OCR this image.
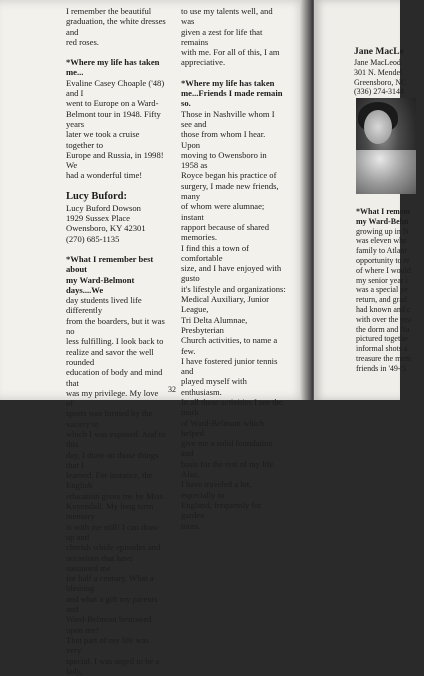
Jane MacLe
Jane MacLeod
301 N. Mendel
Greensboro, NC
(336) 274-3144

*What I remem

my Ward-Belm

growing up in N

was eleven whe

family to Atlant

opportunity to re

of where I would

my senior year i

was a special ye

return, and grad

had known and c

with over the yea

the dorm and Na

pictured togethe

informal shots a

treasure the mem

friends in '49-'5

I remember the beautiful

graduation, the white dresses and

red roses.

*Where my life has taken me...

Evaline Casey Choaple ('48) and I

went to Europe on a Ward-

Belmont tour in 1948. Fifty years

later we took a cruise together to

Europe and Russia, in 1998! We

had a wonderful time!

Lucy Buford:

Lucy Buford Dowson

1929 Sussex Place

Owensboro, KY 42301

(270) 685-1135

*What I remember best about

my Ward-Belmont days....We

day students lived life differently

from the boarders, but it was no

less fulfilling. I look back to

realize and savor the well rounded

education of body and mind that

was my privilege. My love of

sports was formed by the variety to

which I was exposed. And to this

day, I draw on those things that I

learned. For instance, the English

education given me by Miss

Kuyendall. My long term memory

is with me still! I can draw up and

cherish whole episodes and

occasions that have sustained me

for half a century. What a blessing

and what a gift my parents and

Ward-Belmont bestowed upon me!

That part of my life was very

special. I was urged to be a lady,

to use my talents well, and was

given a zest for life that remains

with me. For all of this, I am

appreciative.

*Where my life has taken

me...Friends I made remain so.

Those in Nashville whom I see and

those from whom I hear. Upon

moving to Owensboro in 1958 as

Royce began his practice of

surgery, I made new friends, many

of whom were alumnae; instant

rapport because of shared

memories.

I find this a town of comfortable

size, and I have enjoyed with gusto

it's lifestyle and organizations:

Medical Auxiliary, Junior League,

Tri Delta Alumnae, Presbyterian

Church activities, to name a few.

I have fostered junior tennis and

played myself with enthusiasm.

In all these activities I see the mark

of Ward-Belmont which helped

give me a solid foundation and

basis for the rest of my life. Also,

I have traveled a lot, especially to

England, frequently for garden

tours.

32
